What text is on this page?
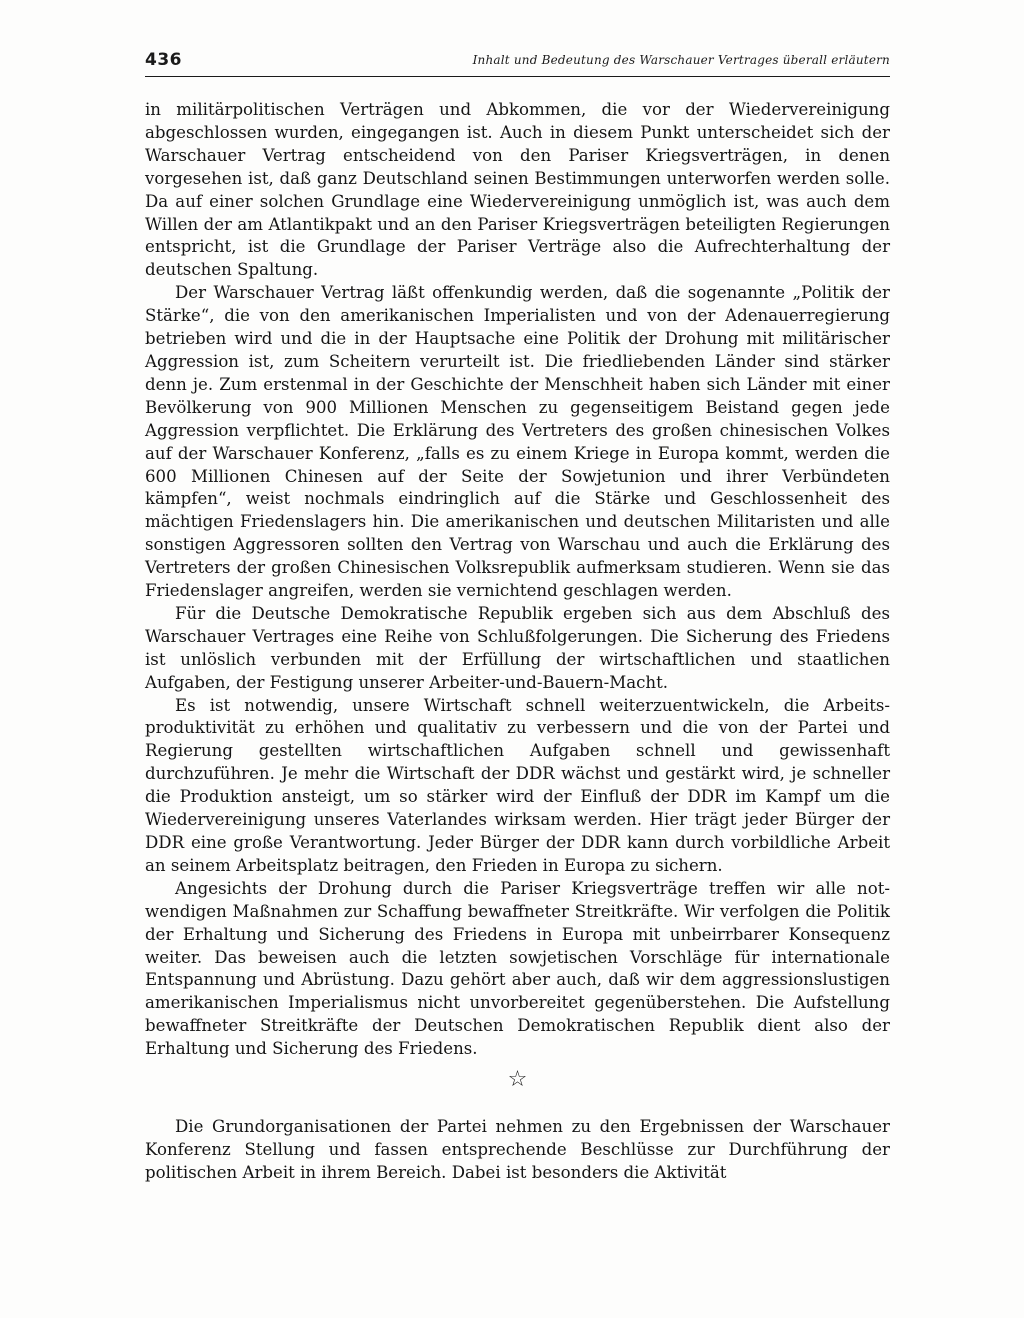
436	Inhalt und Bedeutung des Warschauer Vertrages überall erläutern

in militärpolitischen Verträgen und Abkommen, die vor der Wiedervereinigung abgeschlossen wurden, eingegangen ist. Auch in diesem Punkt unterscheidet sich der Warschauer Vertrag entscheidend von den Pariser Kriegsverträgen, in denen vorgesehen ist, daß ganz Deutschland seinen Bestimmungen unterworfen werden solle. Da auf einer solchen Grundlage eine Wiedervereinigung unmöglich ist, was auch dem Willen der am Atlantikpakt und an den Pariser Kriegsverträgen beteiligten Regierungen entspricht, ist die Grundlage der Pariser Verträge also die Aufrechterhaltung der deutschen Spaltung.

Der Warschauer Vertrag läßt offenkundig werden, daß die sogenannte „Politik der Stärke“, die von den amerikanischen Imperialisten und von der Adenauerregierung betrieben wird und die in der Hauptsache eine Politik der Drohung mit militärischer Aggression ist, zum Scheitern verurteilt ist. Die friedliebenden Länder sind stärker denn je. Zum erstenmal in der Geschichte der Menschheit haben sich Länder mit einer Bevölkerung von 900 Millionen Menschen zu gegenseitigem Beistand gegen jede Aggression verpflichtet. Die Erklärung des Vertreters des großen chinesischen Volkes auf der Warschauer Konferenz, „falls es zu einem Kriege in Europa kommt, werden die 600 Millionen Chinesen auf der Seite der Sowjetunion und ihrer Verbündeten kämpfen“, weist nochmals eindringlich auf die Stärke und Geschlossenheit des mächtigen Friedenslagers hin. Die amerikanischen und deutschen Militaristen und alle sonstigen Aggressoren sollten den Vertrag von Warschau und auch die Erklärung des Vertreters der großen Chinesischen Volksrepublik aufmerksam studieren. Wenn sie das Friedenslager angreifen, werden sie vernichtend geschlagen werden.

Für die Deutsche Demokratische Republik ergeben sich aus dem Abschluß des Warschauer Vertrages eine Reihe von Schlußfolgerungen. Die Sicherung des Friedens ist unlöslich verbunden mit der Erfüllung der wirtschaftlichen und staatlichen Aufgaben, der Festigung unserer Arbeiter-und-Bauern-Macht.

Es ist notwendig, unsere Wirtschaft schnell weiterzuentwickeln, die Arbeitsproduktivität zu erhöhen und qualitativ zu verbessern und die von der Partei und Regierung gestellten wirtschaftlichen Aufgaben schnell und gewissenhaft durchzuführen. Je mehr die Wirtschaft der DDR wächst und gestärkt wird, je schneller die Produktion ansteigt, um so stärker wird der Einfluß der DDR im Kampf um die Wiedervereinigung unseres Vaterlandes wirksam werden. Hier trägt jeder Bürger der DDR eine große Verantwortung. Jeder Bürger der DDR kann durch vorbildliche Arbeit an seinem Arbeitsplatz beitragen, den Frieden in Europa zu sichern.

Angesichts der Drohung durch die Pariser Kriegsverträge treffen wir alle notwendigen Maßnahmen zur Schaffung bewaffneter Streitkräfte. Wir verfolgen die Politik der Erhaltung und Sicherung des Friedens in Europa mit unbeirrbarer Konsequenz weiter. Das beweisen auch die letzten sowjetischen Vorschläge für internationale Entspannung und Abrüstung. Dazu gehört aber auch, daß wir dem aggressionslustigen amerikanischen Imperialismus nicht unvorbereitet gegenüberstehen. Die Aufstellung bewaffneter Streitkräfte der Deutschen Demokratischen Republik dient also der Erhaltung und Sicherung des Friedens.

☆

Die Grundorganisationen der Partei nehmen zu den Ergebnissen der Warschauer Konferenz Stellung und fassen entsprechende Beschlüsse zur Durchführung der politischen Arbeit in ihrem Bereich. Dabei ist besonders die Aktivität
